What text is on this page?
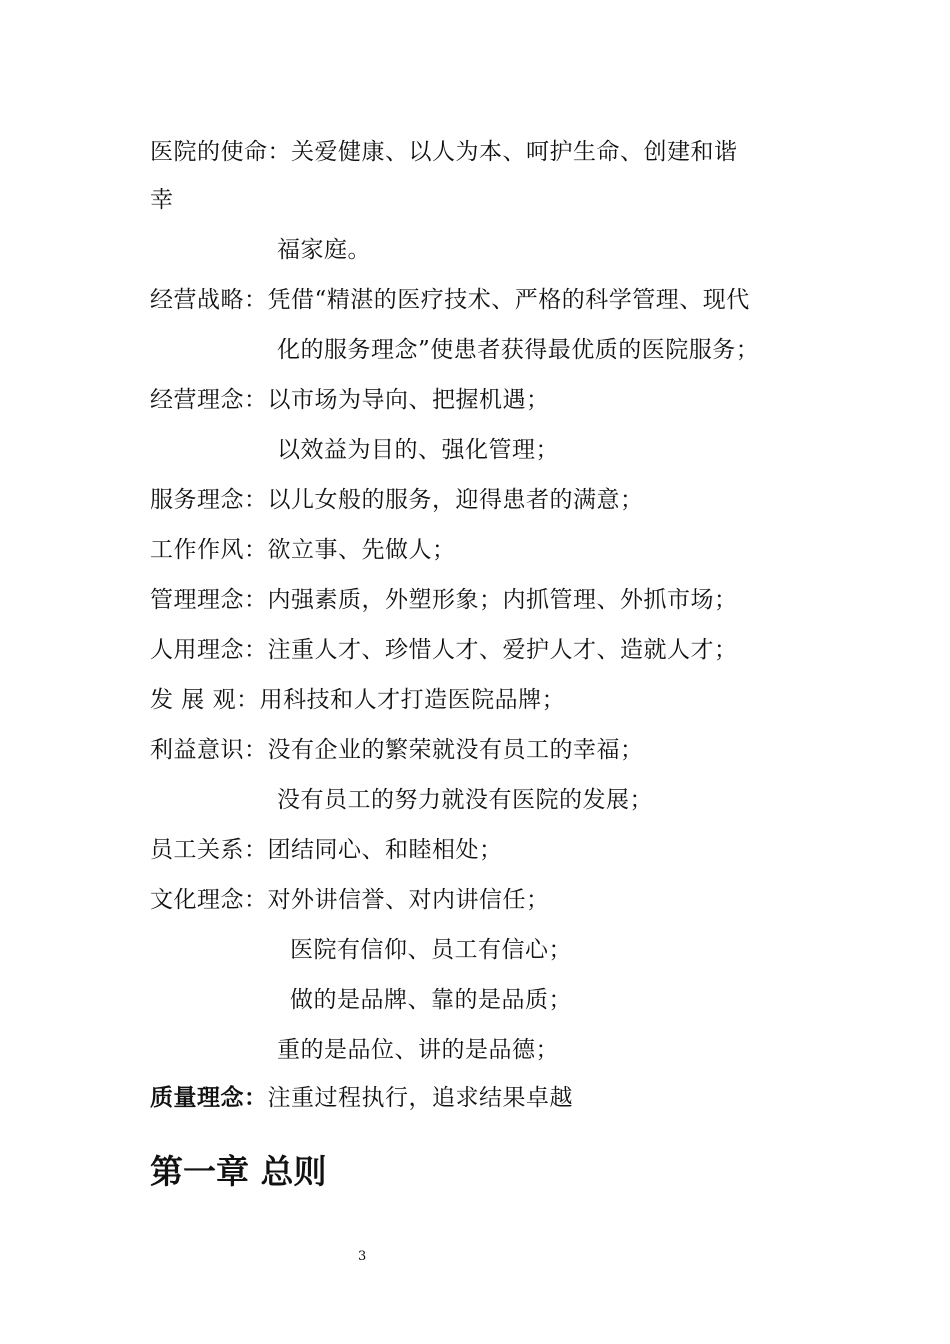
医院的使命：关爱健康、以人为本、呵护生命、创建和谐
幸
福家庭。
经营战略：凭借“精湛的医疗技术、严格的科学管理、现代
化的服务理念”使患者获得最优质的医院服务；
经营理念：以市场为导向、把握机遇；
以效益为目的、强化管理；
服务理念：以儿女般的服务，迎得患者的满意；
工作作风：欲立事、先做人；
管理理念：内强素质，外塑形象；内抓管理、外抓市场；
人用理念：注重人才、珍惜人才、爱护人才、造就人才；
发 展 观：用科技和人才打造医院品牌；
利益意识：没有企业的繁荣就没有员工的幸福；
没有员工的努力就没有医院的发展；
员工关系：团结同心、和睦相处；
文化理念：对外讲信誉、对内讲信任；
医院有信仰、员工有信心；
做的是品牌、靠的是品质；
重的是品位、讲的是品德；
质量理念：注重过程执行，追求结果卓越
第一章 总则
3
